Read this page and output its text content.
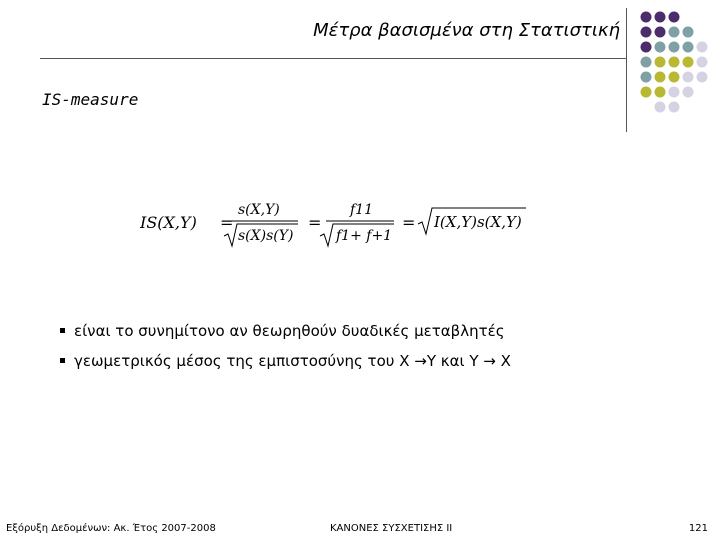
Μέτρα βασισμένα στη Στατιστική
IS-measure
IS(X,Y) =
s(X,Y)
s(X)s(Y)
=
f11
f1+ f+1
= I(X,Y)s(X,Y)
είναι το συνημίτονο αν θεωρηθούν δυαδικές μεταβλητές
γεωμετρικός μέσος της εμπιστοσύνης του X →Y και Y → X
Εξόρυξη Δεδομένων: Ακ. Έτος 2007-2008	ΚΑΝΟΝΕΣ ΣΥΣΧΕΤΙΣΗΣ ΙΙ	121
